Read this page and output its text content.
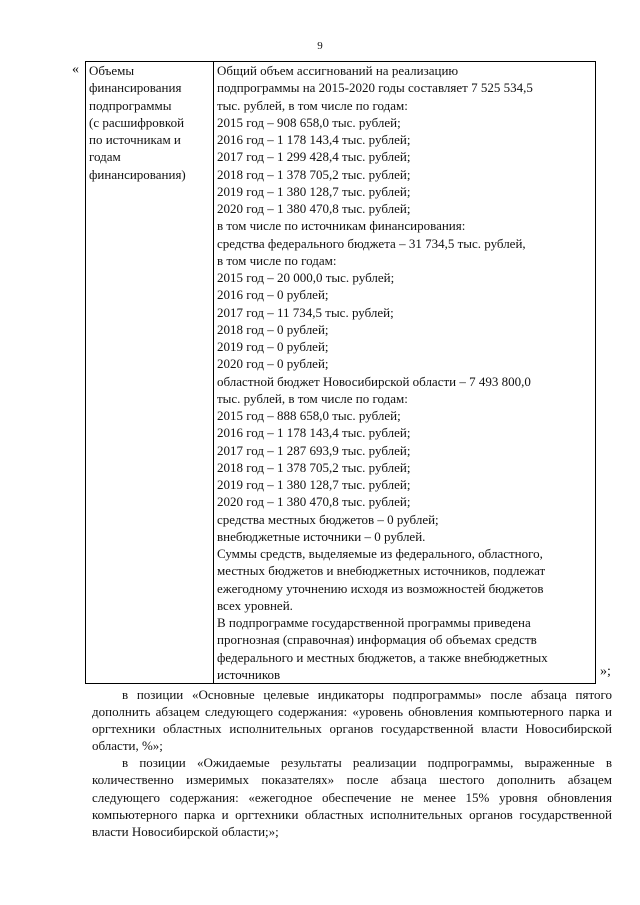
9
« Объемы
финансирования
подпрограммы
(с расшифровкой
по источникам и
годам
финансирования)

Общий объем ассигнований на реализацию
подпрограммы на 2015-2020 годы составляет 7 525 534,5
тыс. рублей, в том числе по годам:
2015 год – 908 658,0 тыс. рублей;
2016 год – 1 178 143,4 тыс. рублей;
2017 год – 1 299 428,4 тыс. рублей;
2018 год – 1 378 705,2 тыс. рублей;
2019 год – 1 380 128,7 тыс. рублей;
2020 год – 1 380 470,8 тыс. рублей;
в том числе по источникам финансирования:
средства федерального бюджета – 31 734,5 тыс. рублей,
в том числе по годам:
2015 год – 20 000,0 тыс. рублей;
2016 год – 0 рублей;
2017 год – 11 734,5 тыс. рублей;
2018 год – 0 рублей;
2019 год – 0 рублей;
2020 год – 0 рублей;
областной бюджет Новосибирской области – 7 493 800,0
тыс. рублей, в том числе по годам:
2015 год – 888 658,0 тыс. рублей;
2016 год – 1 178 143,4 тыс. рублей;
2017 год – 1 287 693,9 тыс. рублей;
2018 год – 1 378 705,2 тыс. рублей;
2019 год – 1 380 128,7 тыс. рублей;
2020 год – 1 380 470,8 тыс. рублей;
средства местных бюджетов – 0 рублей;
внебюджетные источники – 0 рублей.
Суммы средств, выделяемые из федерального, областного,
местных бюджетов и внебюджетных источников, подлежат
ежегодному уточнению исходя из возможностей бюджетов
всех уровней.
В подпрограмме государственной программы приведена
прогнозная (справочная) информация об объемах средств
федерального и местных бюджетов, а также внебюджетных
источников	»;

в позиции «Основные целевые индикаторы подпрограммы» после абзаца пятого дополнить абзацем следующего содержания: «уровень обновления компьютерного парка и оргтехники областных исполнительных органов государственной власти Новосибирской области, %»;

в позиции «Ожидаемые результаты реализации подпрограммы, выраженные в количественно измеримых показателях» после абзаца шестого дополнить абзацем следующего содержания: «ежегодное обеспечение не менее 15% уровня обновления компьютерного парка и оргтехники областных исполнительных органов государственной власти Новосибирской области;»;
